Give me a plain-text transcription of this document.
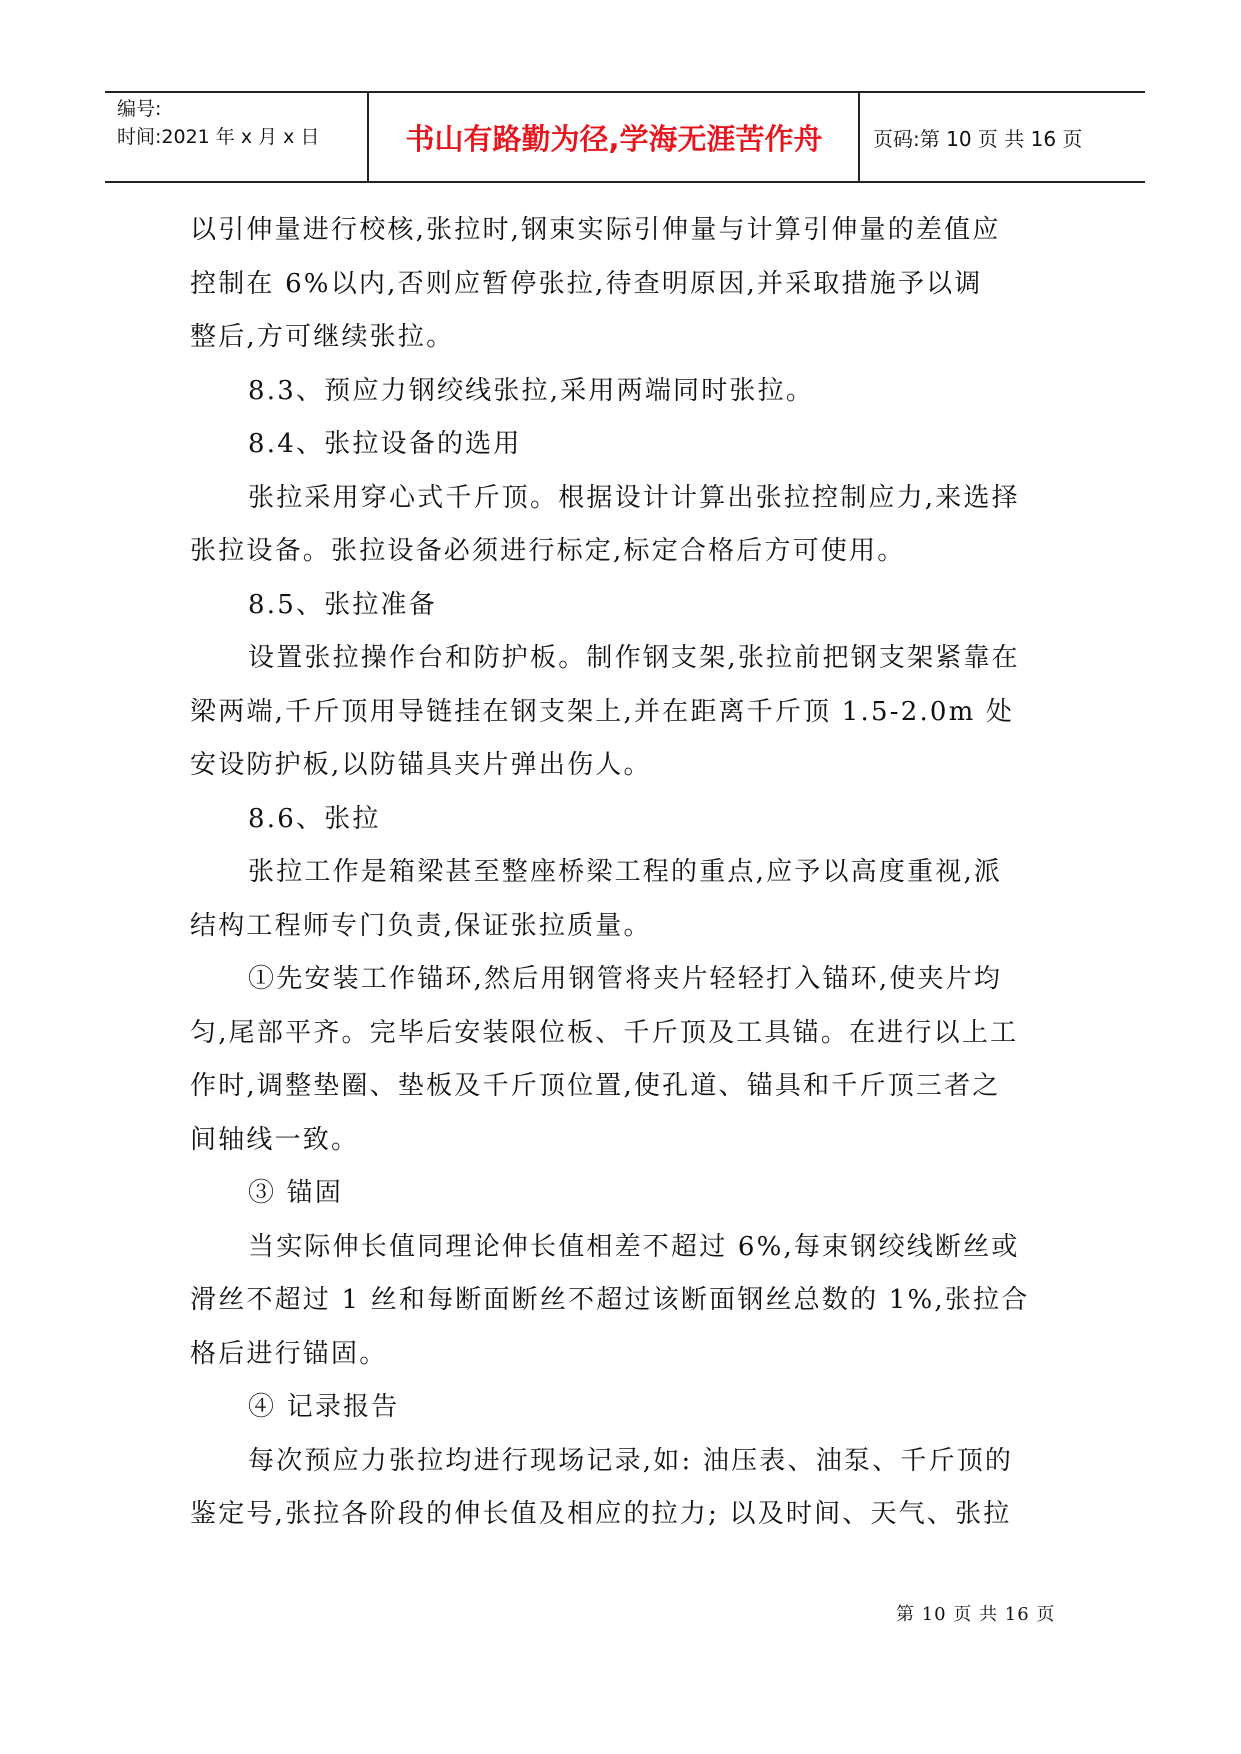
编号:
时间:2021 年 x 月 x 日	书山有路勤为径,学海无涯苦作舟	页码:第 10 页 共 16 页

以引伸量进行校核,张拉时,钢束实际引伸量与计算引伸量的差值应

控制在 6%以内,否则应暂停张拉,待查明原因,并采取措施予以调

整后,方可继续张拉。

8.3、预应力钢绞线张拉,采用两端同时张拉。

8.4、张拉设备的选用

张拉采用穿心式千斤顶。根据设计计算出张拉控制应力,来选择

张拉设备。张拉设备必须进行标定,标定合格后方可使用。

8.5、张拉准备

设置张拉操作台和防护板。制作钢支架,张拉前把钢支架紧靠在

梁两端,千斤顶用导链挂在钢支架上,并在距离千斤顶 1.5-2.0m 处

安设防护板,以防锚具夹片弹出伤人。

8.6、张拉

张拉工作是箱梁甚至整座桥梁工程的重点,应予以高度重视,派

结构工程师专门负责,保证张拉质量。

①先安装工作锚环,然后用钢管将夹片轻轻打入锚环,使夹片均

匀,尾部平齐。完毕后安装限位板、千斤顶及工具锚。在进行以上工

作时,调整垫圈、垫板及千斤顶位置,使孔道、锚具和千斤顶三者之

间轴线一致。

③ 锚固

当实际伸长值同理论伸长值相差不超过 6%,每束钢绞线断丝或

滑丝不超过 1 丝和每断面断丝不超过该断面钢丝总数的 1%,张拉合

格后进行锚固。

④ 记录报告

每次预应力张拉均进行现场记录,如: 油压表、油泵、千斤顶的

鉴定号,张拉各阶段的伸长值及相应的拉力; 以及时间、天气、张拉

第 10 页 共 16 页
